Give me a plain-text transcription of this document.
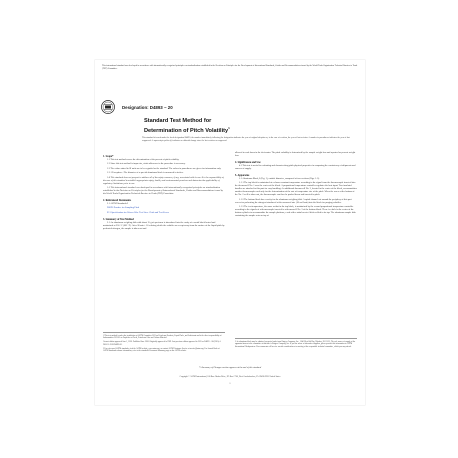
This international standard was developed in accordance with internationally recognized principles on standardization established in the Decision on Principles for the Development of International Standards, Guides and Recommendations issued by the World Trade Organization Technical Barriers to Trade (TBT) Committee.
Designation: D4893 − 20
Standard Test Method for
Determination of Pitch Volatility$^1$
This standard is issued under the fixed designation D4893; the number immediately following the designation indicates the year of original adoption or, in the case of revision, the year of last revision. A number in parentheses indicates the year of last reapproval. A superscript epsilon (ε) indicates an editorial change since the last revision or reapproval.
1. Scope*
1.1 This test method covers the determination of the percent of pitch volatility.
1.2 Since this test method is imprecise, strict adherence to the procedure is necessary.
1.3 The values stated in SI units are to be regarded as the standard. The values in parentheses are given for information only.
1.3.1 Exception—The diameter of a special aluminum block is measured in inches.
1.4 This standard does not purport to address all of the safety concerns, if any, associated with its use. It is the responsibility of the user of this standard to establish appropriate safety, health, and environmental practices and determine the applicability of regulatory limitations prior to use.
1.5 This international standard was developed in accordance with internationally recognized principles on standardization established in the Decision on Principles for the Development of International Standards, Guides and Recommendations issued by the World Trade Organization Technical Barriers to Trade (TBT) Committee.
2. Referenced Documents
2.1 ASTM Standards:2
D4296 Practice for Sampling Pitch
E11 Specification for Woven Wire Test Sieve Cloth and Test Sieves
3. Summary of Test Method
3.1 An aluminum weighing dish with about 15 g of specimen is introduced into the cavity of a metal block heated and maintained at 350 °C (662 °F). After 30 min ± 10 s during which the volatiles are swept away from the surface of the liquid pitch by preheated nitrogen, the sample is taken out and
allowed to cool down in the desiccator. The pitch volatility is determined by the sample weight loss and reported as percent weight loss.
4. Significance and Use
4.1 This test is useful in evaluating and characterizing pitch physical properties in comparing the consistency of shipments and sources of supply.
5. Apparatus
5.1 Aluminum Block,3 (Fig. 1), outside diameter, composed of two sections (Figs. 1-3).
5.1.1 The top block is maintained at a chosen constant temperature according to the signal from the thermocouple inserted into the thermowell No. 1 near the center of the block. A proportional temperature controller regulates the heat input. Two insulated handles are attached to this part for easy handling. An additional thermowell No. 2, located in the center of the block, accommodates another thermocouple used only for the determination of the rate of temperature rise of the pitch. When the screw at the bottom of the No. 2 well is taken out, the thermocouple can then be pushed down and inserted in pitch.
5.1.2 The bottom block has a cavity for the aluminum weighing dish. A spiral channel cut around the periphery of this part serves for preheating the nitrogen introduced at the measured rate (10 cm3/min) into the block for purging volatiles.
5.1.3 The test temperature, the same as that in the top block, is maintained by the second proportional temperature controller according to the signals of a thermocouple inserted in a thermowell No. 3 of the bottom block. There is a hole in the center of the bottom cylinder to accommodate the sample platform, a rod with a stainless steel disk welded to its top. The aluminum sample dish containing the sample rests on top of
1 This test method is under the jurisdiction of ASTM Committee D02 on Petroleum Products, Liquid Fuels, and Lubricants and is the direct responsibility of Subcommittee D02.05 on Properties of Fuels, Petroleum Coke and Carbon Material.
Current edition approved June 1, 2020. Published June 2020. Originally approved in 1989. Last previous edition approved in 2015 as D4893 − 08 (2015)ε1. DOI: 10.1520/D4893-20.
2 For referenced ASTM standards, visit the ASTM website, www.astm.org, or contact ASTM Customer Service at service@astm.org. For Annual Book of ASTM Standards volume information, refer to the standard's Document Summary page on the ASTM website.
3 An aluminum block may be obtained on special order from Rutgers Company, Inc., 1040 West 8th Way, Windsor, PA 15135. The sole source of supply of the apparatus known to the committee at this time is Rutgers Company, Inc. If you are aware of alternative suppliers, please provide this information to ASTM International Headquarters. Your comments will receive careful consideration at a meeting of the responsible technical committee, which you may attend.
*A Summary of Changes section appears at the end of this standard
Copyright © ASTM International, 100 Barr Harbor Drive, PO Box C700, West Conshohocken, PA 19428-2959. United States
1
